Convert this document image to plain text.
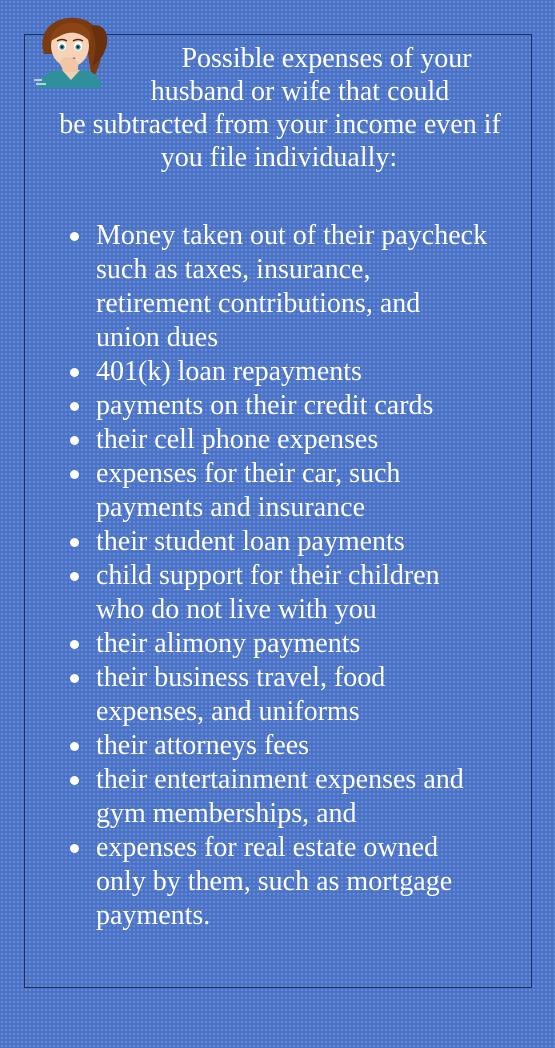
Possible expenses of your
husband or wife that could
be subtracted from your income even if
you file individually:
Money taken out of their paycheck
such as taxes, insurance,
retirement contributions, and
union dues
401(k) loan repayments
payments on their credit cards
their cell phone expenses
expenses for their car, such
payments and insurance
their student loan payments
child support for their children
who do not live with you
their alimony payments
their business travel, food
expenses, and uniforms
their attorneys fees
their entertainment expenses and
gym memberships, and
expenses for real estate owned
only by them, such as mortgage
payments.
